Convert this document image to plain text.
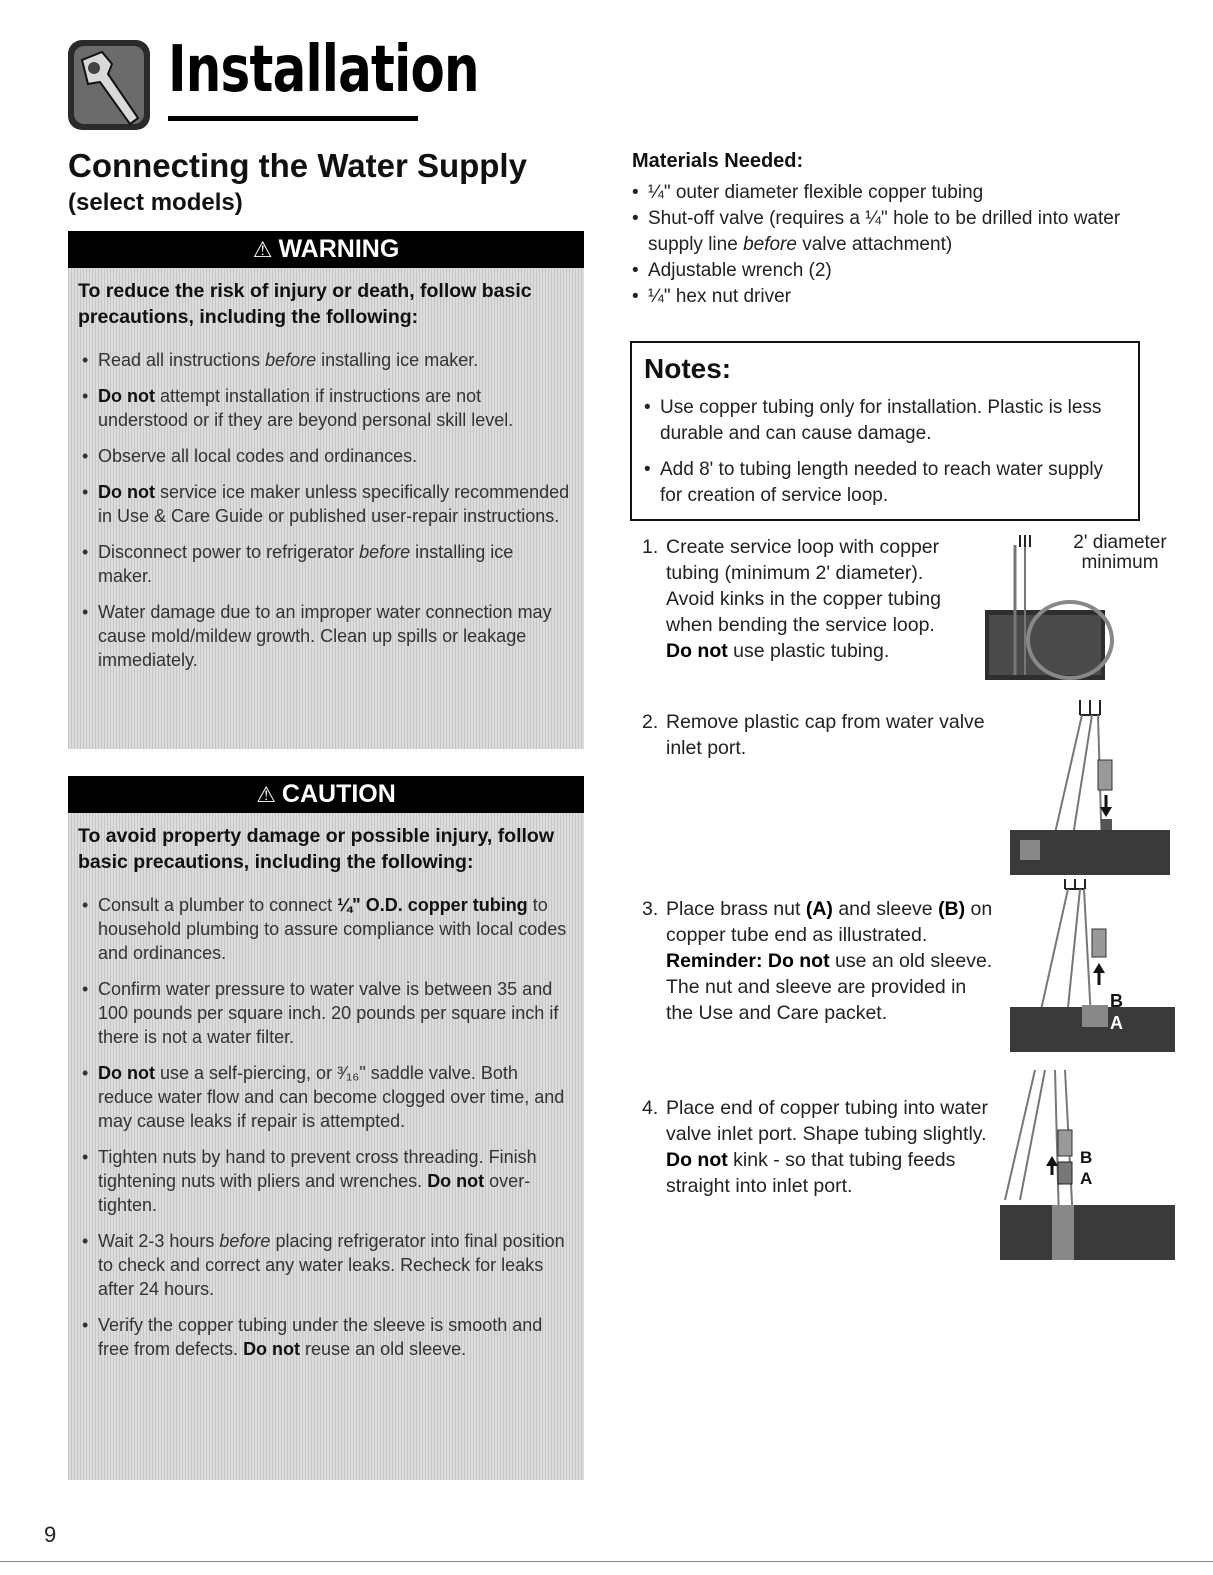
Installation
Connecting the Water Supply
(select models)
⚠ WARNING
To reduce the risk of injury or death, follow basic precautions, including the following:
• Read all instructions before installing ice maker.
• Do not attempt installation if instructions are not understood or if they are beyond personal skill level.
• Observe all local codes and ordinances.
• Do not service ice maker unless specifically recommended in Use & Care Guide or published user-repair instructions.
• Disconnect power to refrigerator before installing ice maker.
• Water damage due to an improper water connection may cause mold/mildew growth. Clean up spills or leakage immediately.
⚠ CAUTION
To avoid property damage or possible injury, follow basic precautions, including the following:
• Consult a plumber to connect ¼" O.D. copper tubing to household plumbing to assure compliance with local codes and ordinances.
• Confirm water pressure to water valve is between 35 and 100 pounds per square inch. 20 pounds per square inch if there is not a water filter.
• Do not use a self-piercing, or ³⁄₁₆" saddle valve. Both reduce water flow and can become clogged over time, and may cause leaks if repair is attempted.
• Tighten nuts by hand to prevent cross threading. Finish tightening nuts with pliers and wrenches. Do not over-tighten.
• Wait 2-3 hours before placing refrigerator into final position to check and correct any water leaks. Recheck for leaks after 24 hours.
• Verify the copper tubing under the sleeve is smooth and free from defects. Do not reuse an old sleeve.
Materials Needed:
• ¼" outer diameter flexible copper tubing
• Shut-off valve (requires a ¼" hole to be drilled into water supply line before valve attachment)
• Adjustable wrench (2)
• ¼" hex nut driver
Notes:
• Use copper tubing only for installation. Plastic is less durable and can cause damage.
• Add 8' to tubing length needed to reach water supply for creation of service loop.
1. Create service loop with copper tubing (minimum 2' diameter). Avoid kinks in the copper tubing when bending the service loop. Do not use plastic tubing.
2. Remove plastic cap from water valve inlet port.
3. Place brass nut (A) and sleeve (B) on copper tube end as illustrated. Reminder: Do not use an old sleeve. The nut and sleeve are provided in the Use and Care packet.
4. Place end of copper tubing into water valve inlet port. Shape tubing slightly. Do not kink - so that tubing feeds straight into inlet port.
2' diameter minimum
B
A
B
A
9
